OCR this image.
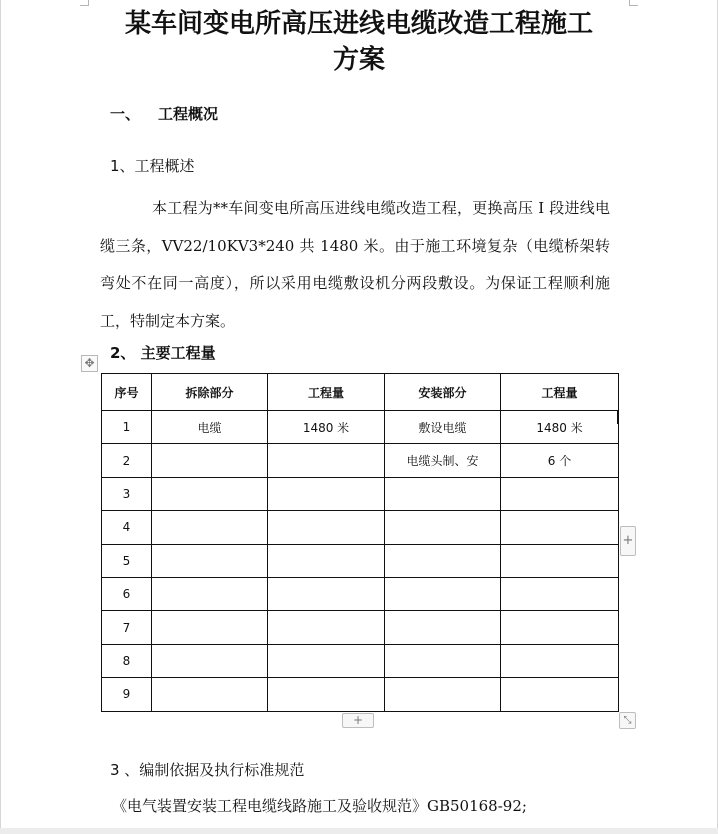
某车间变电所高压进线电缆改造工程施工
方案
一、 工程概况
1、工程概述
本工程为**车间变电所高压进线电缆改造工程，更换高压 I 段进线电缆三条，VV22/10KV3*240 共 1480 米。由于施工环境复杂（电缆桥架转弯处不在同一高度），所以采用电缆敷设机分两段敷设。为保证工程顺利施工，特制定本方案。
2、 主要工程量
✥
序号	拆除部分	工程量	安装部分	工程量
1	电缆	1480 米	敷设电缆	1480 米
2			电缆头制、安	6 个
3				
4				
5				
6				
7				
8				
9				
+
+	⤡
3 、编制依据及执行标准规范
《电气装置安装工程电缆线路施工及验收规范》GB50168-92;
